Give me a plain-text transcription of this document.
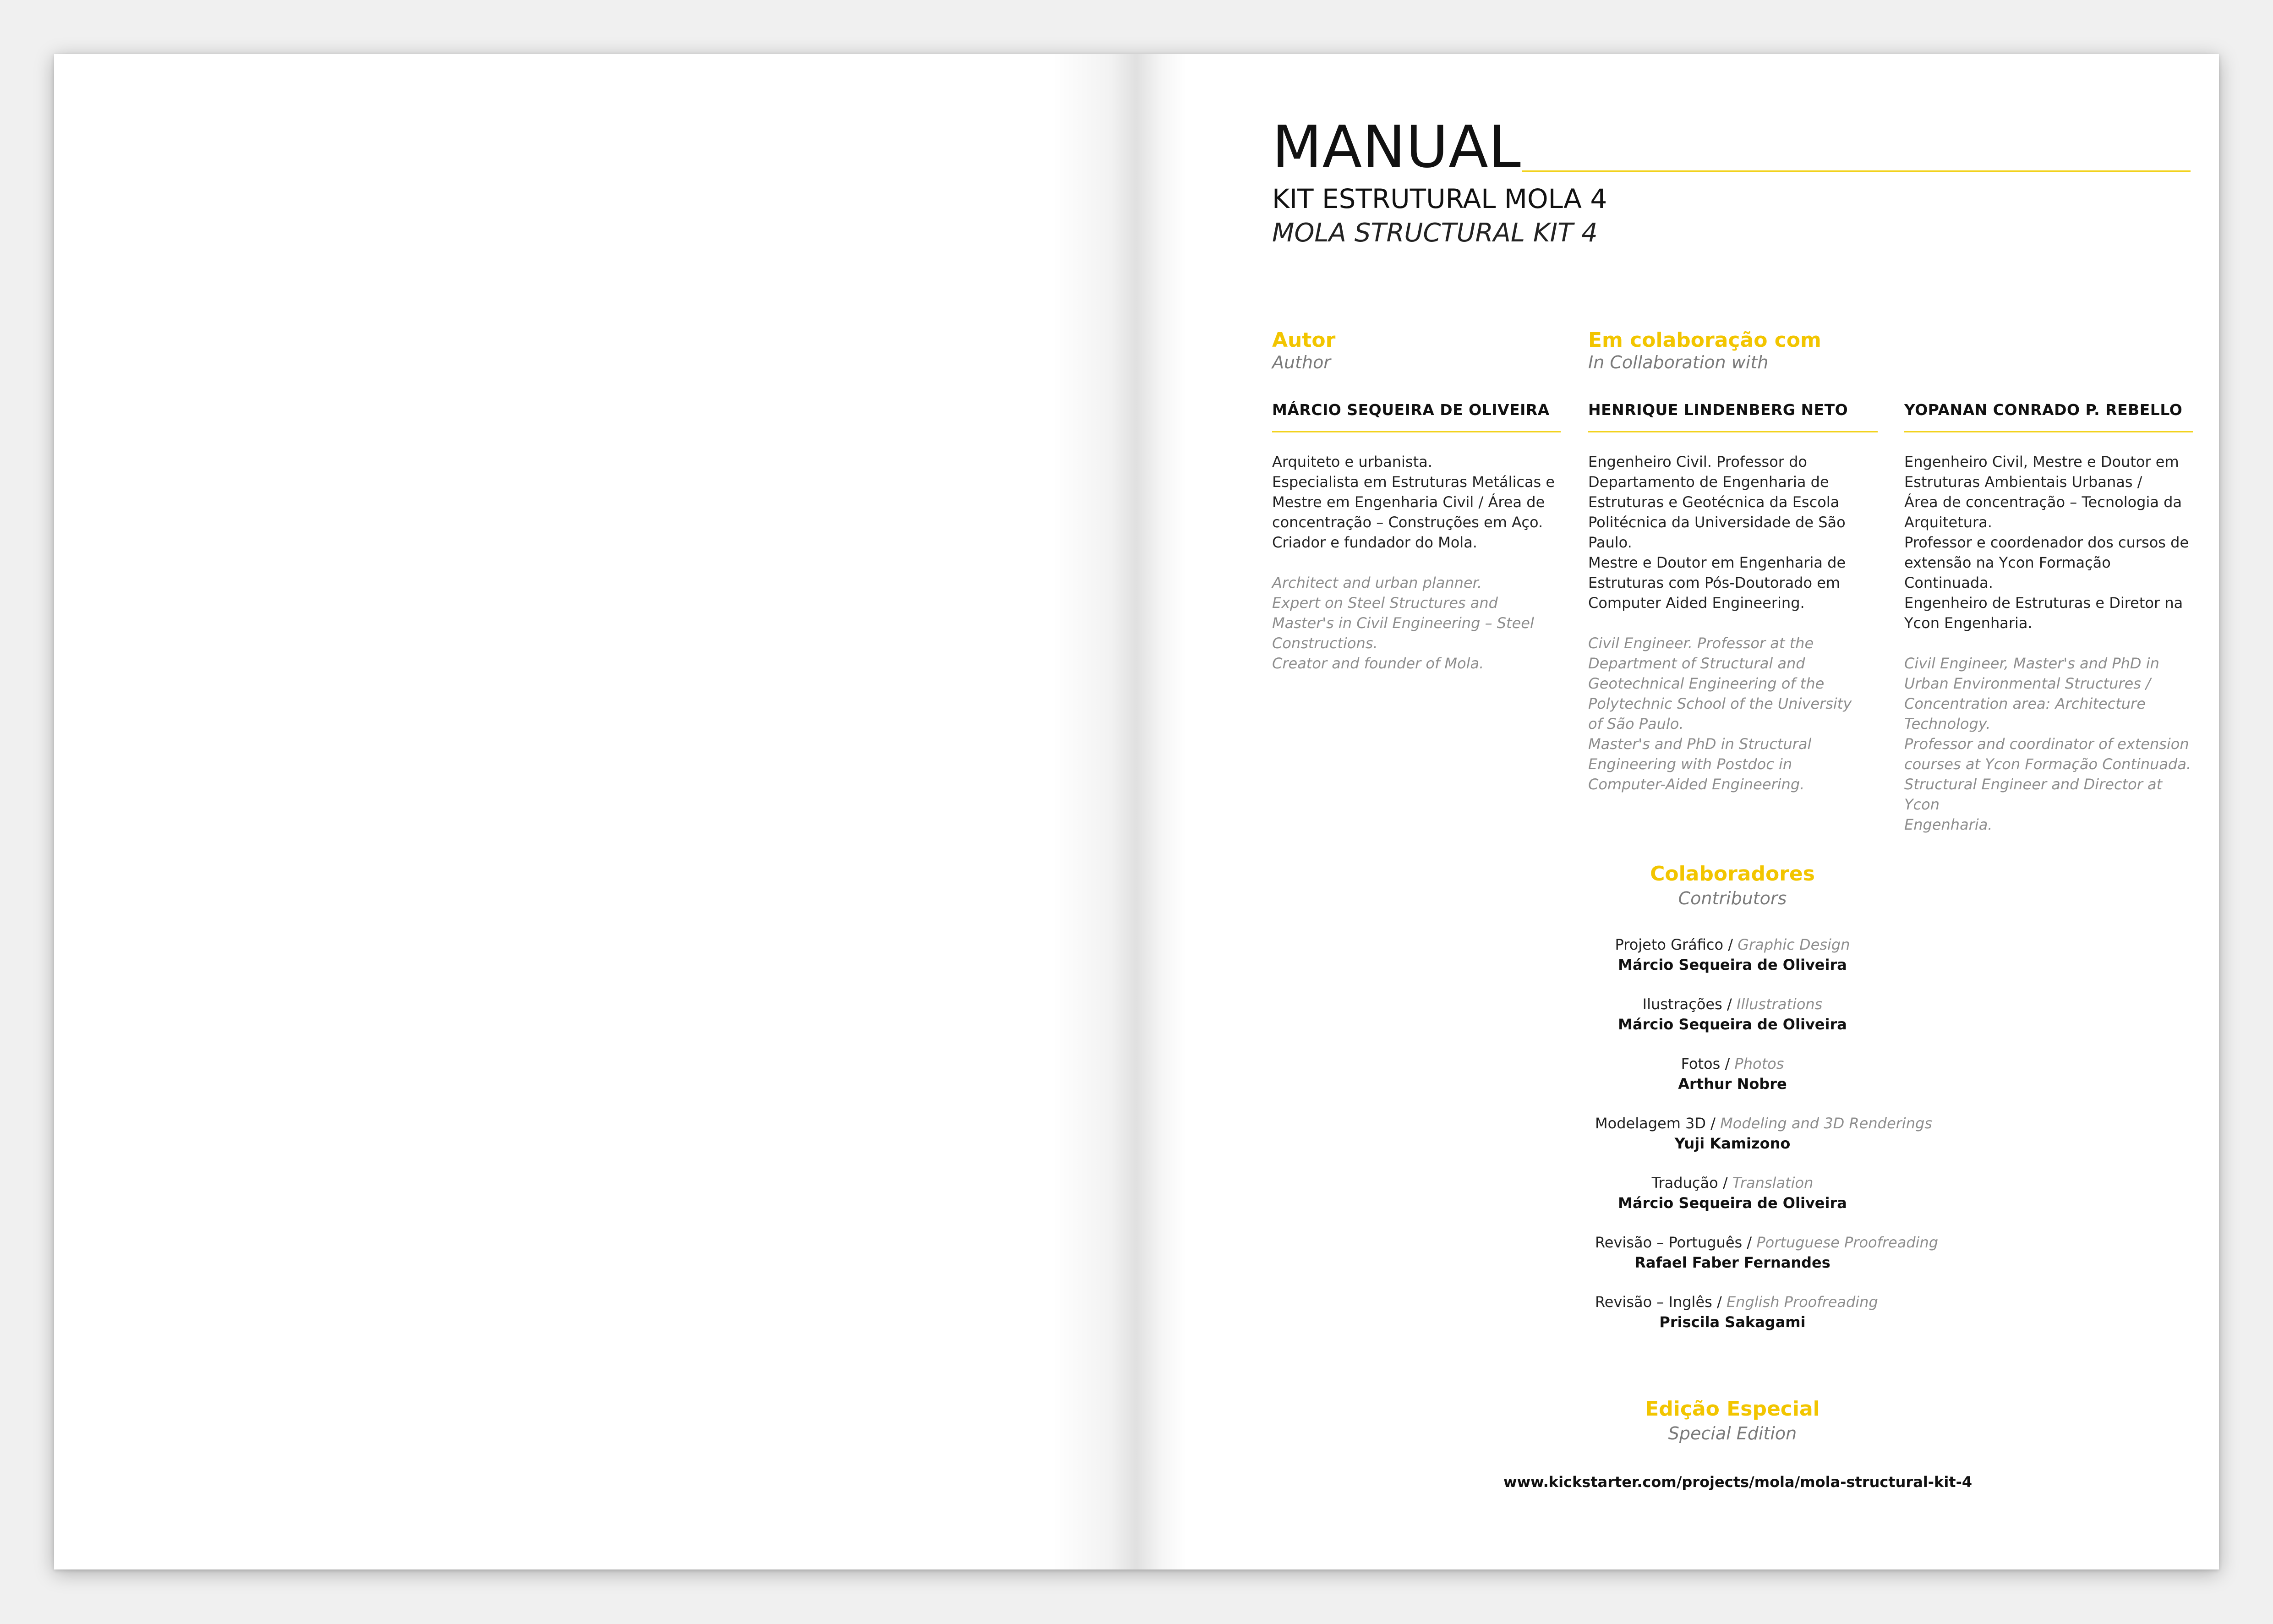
MANUAL
KIT ESTRUTURAL MOLA 4
MOLA STRUCTURAL KIT 4
Autor
Author
Em colaboração com
In Collaboration with
MÁRCIO SEQUEIRA DE OLIVEIRA
Arquiteto e urbanista.
Especialista em Estruturas Metálicas e
Mestre em Engenharia Civil / Área de
concentração – Construções em Aço.
Criador e fundador do Mola.
Architect and urban planner.
Expert on Steel Structures and
Master's in Civil Engineering – Steel
Constructions.
Creator and founder of Mola.
HENRIQUE LINDENBERG NETO
Engenheiro Civil. Professor do
Departamento de Engenharia de
Estruturas e Geotécnica da Escola
Politécnica da Universidade de São
Paulo.
Mestre e Doutor em Engenharia de
Estruturas com Pós-Doutorado em
Computer Aided Engineering.
Civil Engineer. Professor at the
Department of Structural and
Geotechnical Engineering of the
Polytechnic School of the University
of São Paulo.
Master's and PhD in Structural
Engineering with Postdoc in
Computer-Aided Engineering.
YOPANAN CONRADO P. REBELLO
Engenheiro Civil, Mestre e Doutor em
Estruturas Ambientais Urbanas /
Área de concentração – Tecnologia da
Arquitetura.
Professor e coordenador dos cursos de
extensão na Ycon Formação Continuada.
Engenheiro de Estruturas e Diretor na
Ycon Engenharia.
Civil Engineer, Master's and PhD in
Urban Environmental Structures /
Concentration area: Architecture
Technology.
Professor and coordinator of extension
courses at Ycon Formação Continuada.
Structural Engineer and Director at Ycon
Engenharia.
Colaboradores
Contributors
Projeto Gráfico / Graphic Design
Márcio Sequeira de Oliveira
Ilustrações / Illustrations
Márcio Sequeira de Oliveira
Fotos / Photos
Arthur Nobre
Modelagem 3D / Modeling and 3D Renderings
Yuji Kamizono
Tradução / Translation
Márcio Sequeira de Oliveira
Revisão – Português / Portuguese Proofreading
Rafael Faber Fernandes
Revisão – Inglês / English Proofreading
Priscila Sakagami
Edição Especial
Special Edition
www.kickstarter.com/projects/mola/mola-structural-kit-4
